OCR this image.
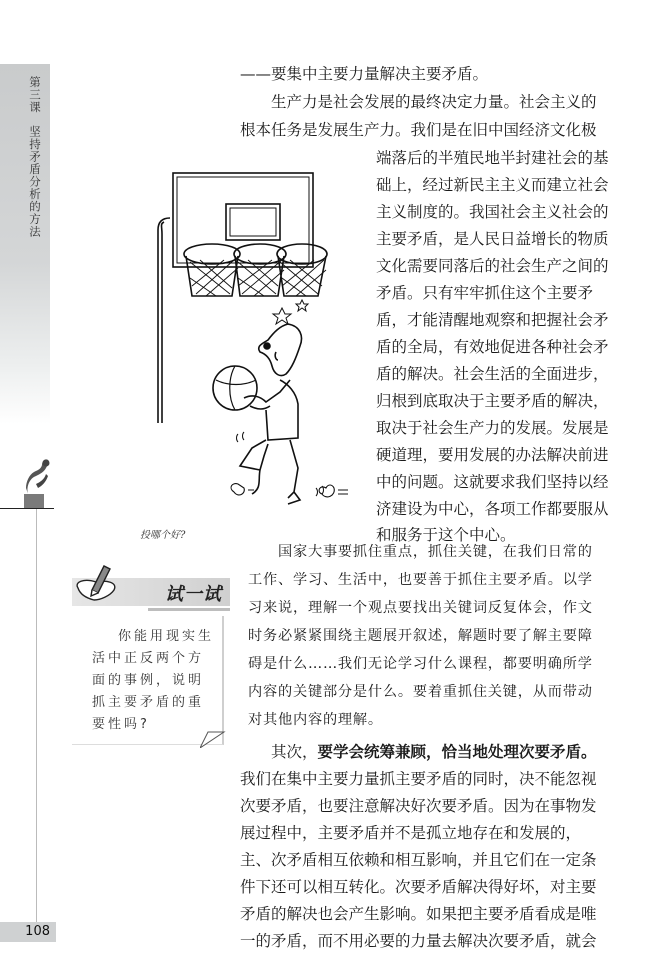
第三课坚持矛盾分析的方法
108
投哪个好?
试一试
你能用现实生活中正反两个方面的事例，说明抓主要矛盾的重要性吗?
——要集中主要力量解决主要矛盾。
　　生产力是社会发展的最终决定力量。社会主义的
根本任务是发展生产力。我们是在旧中国经济文化极
端落后的半殖民地半封建社会的基
础上，经过新民主主义而建立社会
主义制度的。我国社会主义社会的
主要矛盾，是人民日益增长的物质
文化需要同落后的社会生产之间的
矛盾。只有牢牢抓住这个主要矛
盾，才能清醒地观察和把握社会矛
盾的全局，有效地促进各种社会矛
盾的解决。社会生活的全面进步，
归根到底取决于主要矛盾的解决，
取决于社会生产力的发展。发展是
硬道理，要用发展的办法解决前进
中的问题。这就要求我们坚持以经
济建设为中心，各项工作都要服从
和服务于这个中心。
　　国家大事要抓住重点，抓住关键，在我们日常的
工作、学习、生活中，也要善于抓住主要矛盾。以学
习来说，理解一个观点要找出关键词反复体会，作文
时务必紧紧围绕主题展开叙述，解题时要了解主要障
碍是什么……我们无论学习什么课程，都要明确所学
内容的关键部分是什么。要着重抓住关键，从而带动
对其他内容的理解。
　　其次，要学会统筹兼顾，恰当地处理次要矛盾。
我们在集中主要力量抓主要矛盾的同时，决不能忽视
次要矛盾，也要注意解决好次要矛盾。因为在事物发
展过程中，主要矛盾并不是孤立地存在和发展的，
主、次矛盾相互依赖和相互影响，并且它们在一定条
件下还可以相互转化。次要矛盾解决得好坏，对主要
矛盾的解决也会产生影响。如果把主要矛盾看成是唯
一的矛盾，而不用必要的力量去解决次要矛盾，就会
